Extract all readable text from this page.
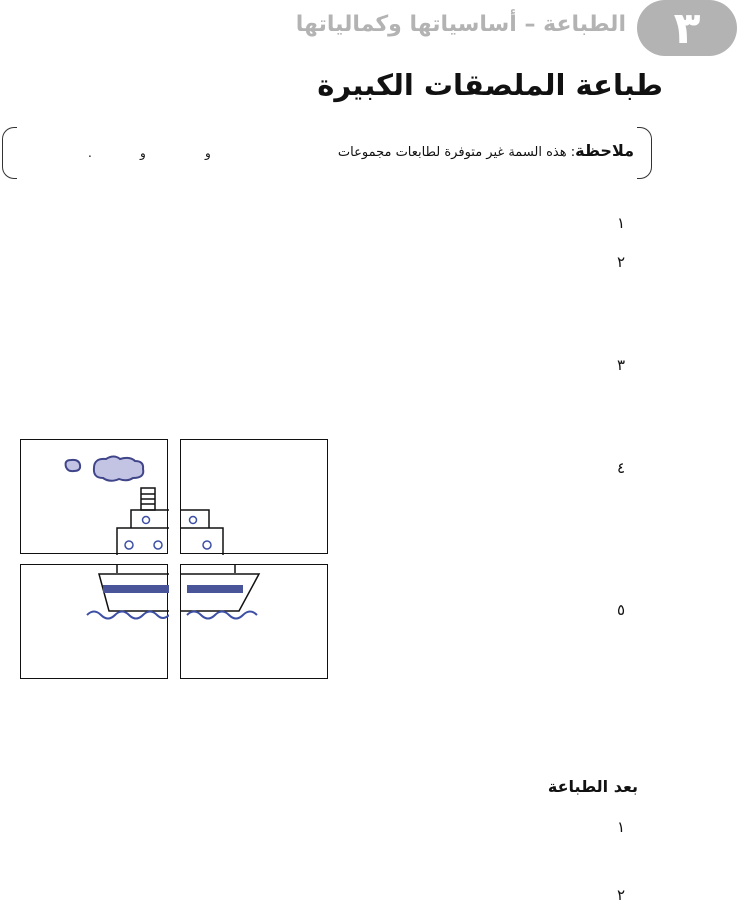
٣
الطباعة – أساسياتها وكمالياتها
طباعة الملصقات الكبيرة
ملاحظة: هذه السمة غير متوفرة لطابعات مجموعات
و
و
.
١
٢
٣
٤
٥
بعد الطباعة
١
٢
